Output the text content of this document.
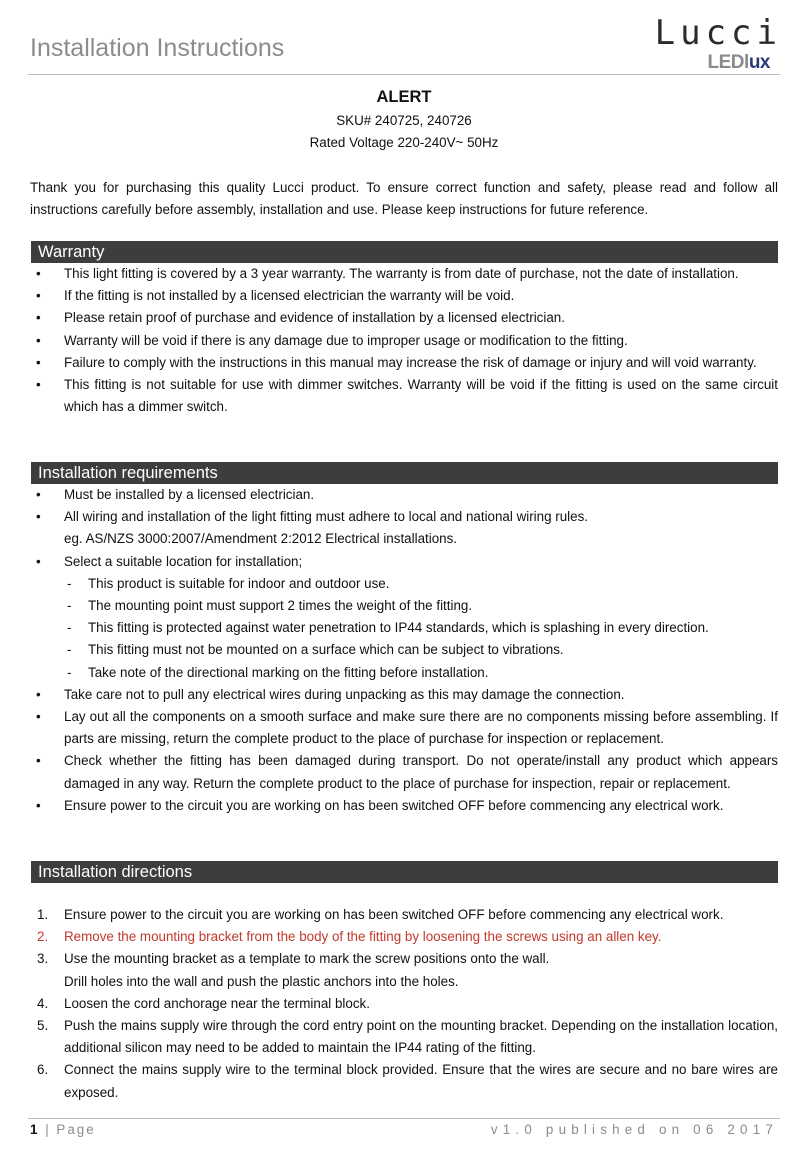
Installation Instructions	Lucci
LEDlux
ALERT
SKU# 240725, 240726
Rated Voltage 220-240V~ 50Hz
Thank you for purchasing this quality Lucci product. To ensure correct function and safety, please read and follow all instructions carefully before assembly, installation and use. Please keep instructions for future reference.
Warranty
• This light fitting is covered by a 3 year warranty. The warranty is from date of purchase, not the date of installation.
• If the fitting is not installed by a licensed electrician the warranty will be void.
• Please retain proof of purchase and evidence of installation by a licensed electrician.
• Warranty will be void if there is any damage due to improper usage or modification to the fitting.
• Failure to comply with the instructions in this manual may increase the risk of damage or injury and will void warranty.
• This fitting is not suitable for use with dimmer switches. Warranty will be void if the fitting is used on the same circuit which has a dimmer switch.
Installation requirements
• Must be installed by a licensed electrician.
• All wiring and installation of the light fitting must adhere to local and national wiring rules.
eg. AS/NZS 3000:2007/Amendment 2:2012 Electrical installations.
• Select a suitable location for installation;
- This product is suitable for indoor and outdoor use.
- The mounting point must support 2 times the weight of the fitting.
- This fitting is protected against water penetration to IP44 standards, which is splashing in every direction.
- This fitting must not be mounted on a surface which can be subject to vibrations.
- Take note of the directional marking on the fitting before installation.
• Take care not to pull any electrical wires during unpacking as this may damage the connection.
• Lay out all the components on a smooth surface and make sure there are no components missing before assembling. If parts are missing, return the complete product to the place of purchase for inspection or replacement.
• Check whether the fitting has been damaged during transport. Do not operate/install any product which appears damaged in any way. Return the complete product to the place of purchase for inspection, repair or replacement.
• Ensure power to the circuit you are working on has been switched OFF before commencing any electrical work.
Installation directions
1. Ensure power to the circuit you are working on has been switched OFF before commencing any electrical work.
2. Remove the mounting bracket from the body of the fitting by loosening the screws using an allen key.
3. Use the mounting bracket as a template to mark the screw positions onto the wall.
Drill holes into the wall and push the plastic anchors into the holes.
4. Loosen the cord anchorage near the terminal block.
5. Push the mains supply wire through the cord entry point on the mounting bracket. Depending on the installation location, additional silicon may need to be added to maintain the IP44 rating of the fitting.
6. Connect the mains supply wire to the terminal block provided. Ensure that the wires are secure and no bare wires are exposed.
1 | Page	v1.0 published on 06 2017
